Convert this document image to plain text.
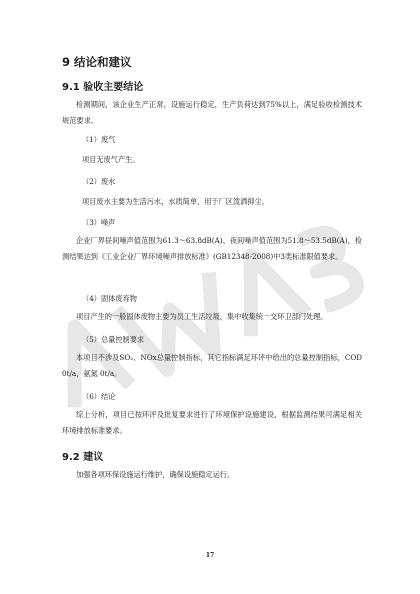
9 结论和建议
9.1 验收主要结论
检测期间，该企业生产正常，设施运行稳定，生产负荷达到75%以上，满足验收检测技术规范要求。
（1）废气
项目无废气产生。
（2）废水
项目废水主要为生活污水，水质简单，用于厂区泼洒抑尘。
（3）噪声
企业厂界昼间噪声值范围为61.3～63.8dB(A)、夜间噪声值范围为51.8～53.5dB(A)，检测结果达到《工业企业厂界环境噪声排放标准》(GB12348-2008)中3类标准限值要求。
（4）固体废弃物
项目产生的一般固体废物主要为员工生活垃圾，集中收集统一交环卫部门处理。
（5）总量控制要求
本项目不涉及SO₂、NOx总量控制指标，其它指标满足环评中给出的总量控制指标，COD 0t/a，氨氮 0t/a。
（6）结论
综上分析，项目已按环评及批复要求进行了环境保护设施建设，根据监测结果可满足相关环境排放标准要求。
9.2 建议
加强各项环保设施运行维护，确保设施稳定运行。
17
